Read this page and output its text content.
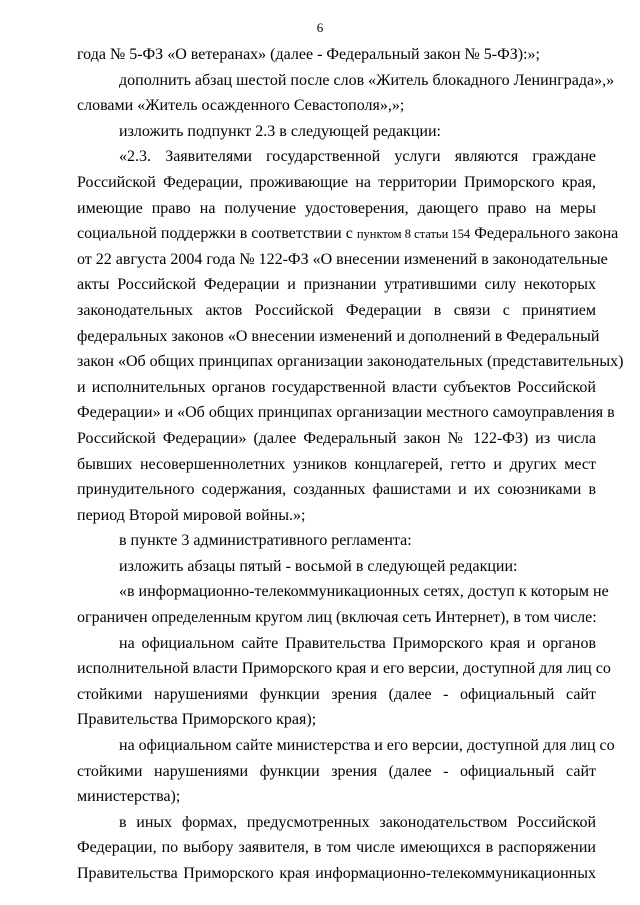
6
года № 5-ФЗ «О ветеранах» (далее - Федеральный закон № 5-ФЗ):»;
дополнить абзац шестой после слов «Житель блокадного Ленинграда»,»
словами «Житель осажденного Севастополя»,»;
изложить подпункт 2.3 в следующей редакции:
«2.3. Заявителями государственной услуги являются граждане
Российской Федерации, проживающие на территории Приморского края,
имеющие право на получение удостоверения, дающего право на меры
социальной поддержки в соответствии с пунктом 8 статьи 154 Федерального закона
от 22 августа 2004 года № 122-ФЗ «О внесении изменений в законодательные
акты Российской Федерации и признании утратившими силу некоторых
законодательных актов Российской Федерации в связи с принятием
федеральных законов «О внесении изменений и дополнений в Федеральный
закон «Об общих принципах организации законодательных (представительных)
и исполнительных органов государственной власти субъектов Российской
Федерации» и «Об общих принципах организации местного самоуправления в
Российской Федерации» (далее Федеральный закон № 122-ФЗ) из числа
бывших несовершеннолетних узников концлагерей, гетто и других мест
принудительного содержания, созданных фашистами и их союзниками в
период Второй мировой войны.»;
в пункте 3 административного регламента:
изложить абзацы пятый - восьмой в следующей редакции:
«в информационно-телекоммуникационных сетях, доступ к которым не
ограничен определенным кругом лиц (включая сеть Интернет), в том числе:
на официальном сайте Правительства Приморского края и органов
исполнительной власти Приморского края и его версии, доступной для лиц со
стойкими нарушениями функции зрения (далее - официальный сайт
Правительства Приморского края);
на официальном сайте министерства и его версии, доступной для лиц со
стойкими нарушениями функции зрения (далее - официальный сайт
министерства);
в иных формах, предусмотренных законодательством Российской
Федерации, по выбору заявителя, в том числе имеющихся в распоряжении
Правительства Приморского края информационно-телекоммуникационных
